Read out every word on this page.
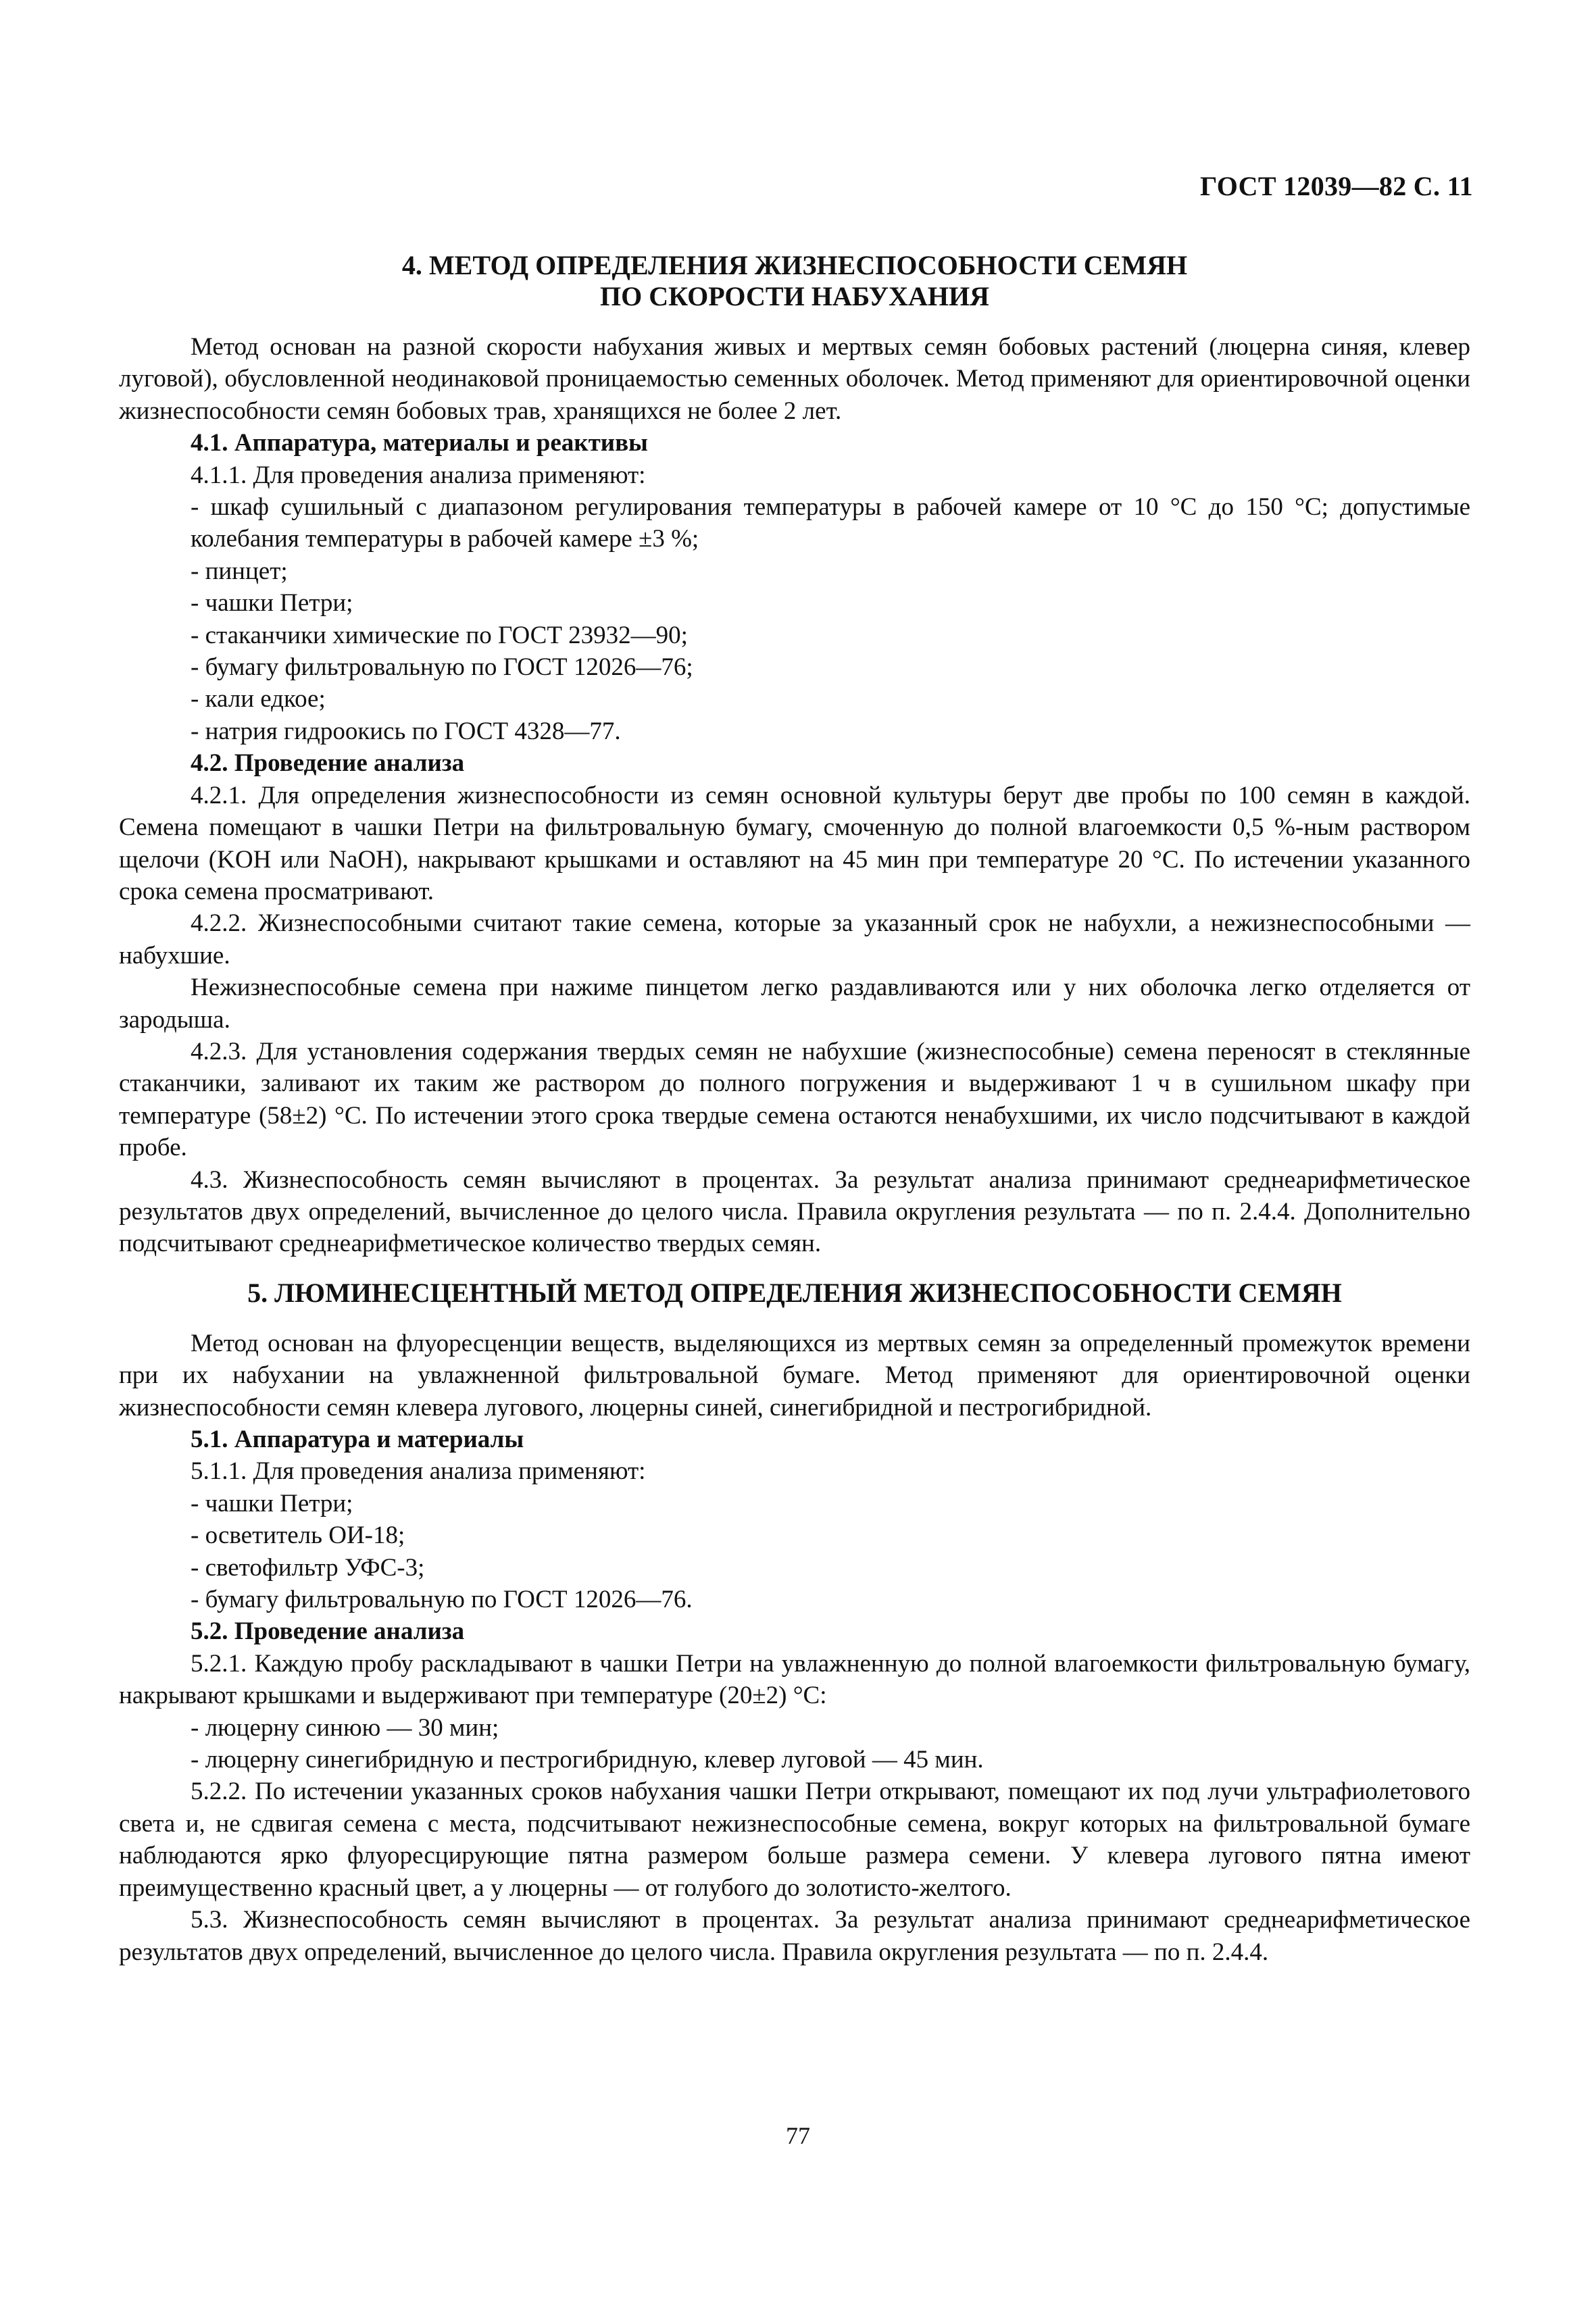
ГОСТ 12039—82 С. 11
4. МЕТОД ОПРЕДЕЛЕНИЯ ЖИЗНЕСПОСОБНОСТИ СЕМЯН
ПО СКОРОСТИ НАБУХАНИЯ

Метод основан на разной скорости набухания живых и мертвых семян бобовых растений (люцерна синяя, клевер луговой), обусловленной неодинаковой проницаемостью семенных оболочек. Метод применяют для ориентировочной оценки жизнеспособности семян бобовых трав, хранящихся не более 2 лет.

4.1. Аппаратура, материалы и реактивы

4.1.1. Для проведения анализа применяют:

- шкаф сушильный с диапазоном регулирования температуры в рабочей камере от 10 °С до 150 °С; допустимые колебания температуры в рабочей камере ±3 %;

- пинцет;

- чашки Петри;

- стаканчики химические по ГОСТ 23932—90;

- бумагу фильтровальную по ГОСТ 12026—76;

- кали едкое;

- натрия гидроокись по ГОСТ 4328—77.

4.2. Проведение анализа

4.2.1. Для определения жизнеспособности из семян основной культуры берут две пробы по 100 семян в каждой. Семена помещают в чашки Петри на фильтровальную бумагу, смоченную до полной влагоемкости 0,5 %-ным раствором щелочи (KOH или NaOH), накрывают крышками и оставляют на 45 мин при температуре 20 °С. По истечении указанного срока семена просматривают.

4.2.2. Жизнеспособными считают такие семена, которые за указанный срок не набухли, а нежизнеспособными — набухшие.

Нежизнеспособные семена при нажиме пинцетом легко раздавливаются или у них оболочка легко отделяется от зародыша.

4.2.3. Для установления содержания твердых семян не набухшие (жизнеспособные) семена переносят в стеклянные стаканчики, заливают их таким же раствором до полного погружения и выдерживают 1 ч в сушильном шкафу при температуре (58±2) °С. По истечении этого срока твердые семена остаются ненабухшими, их число подсчитывают в каждой пробе.

4.3. Жизнеспособность семян вычисляют в процентах. За результат анализа принимают среднеарифметическое результатов двух определений, вычисленное до целого числа. Правила округления результата — по п. 2.4.4. Дополнительно подсчитывают среднеарифметическое количество твердых семян.

5. ЛЮМИНЕСЦЕНТНЫЙ МЕТОД ОПРЕДЕЛЕНИЯ ЖИЗНЕСПОСОБНОСТИ СЕМЯН

Метод основан на флуоресценции веществ, выделяющихся из мертвых семян за определенный промежуток времени при их набухании на увлажненной фильтровальной бумаге. Метод применяют для ориентировочной оценки жизнеспособности семян клевера лугового, люцерны синей, синегибридной и пестрогибридной.

5.1. Аппаратура и материалы

5.1.1. Для проведения анализа применяют:

- чашки Петри;

- осветитель ОИ-18;

- светофильтр УФС-3;

- бумагу фильтровальную по ГОСТ 12026—76.

5.2. Проведение анализа

5.2.1. Каждую пробу раскладывают в чашки Петри на увлажненную до полной влагоемкости фильтровальную бумагу, накрывают крышками и выдерживают при температуре (20±2) °С:

- люцерну синюю — 30 мин;

- люцерну синегибридную и пестрогибридную, клевер луговой — 45 мин.

5.2.2. По истечении указанных сроков набухания чашки Петри открывают, помещают их под лучи ультрафиолетового света и, не сдвигая семена с места, подсчитывают нежизнеспособные семена, вокруг которых на фильтровальной бумаге наблюдаются ярко флуоресцирующие пятна размером больше размера семени. У клевера лугового пятна имеют преимущественно красный цвет, а у люцерны — от голубого до золотисто-желтого.

5.3. Жизнеспособность семян вычисляют в процентах. За результат анализа принимают среднеарифметическое результатов двух определений, вычисленное до целого числа. Правила округления результата — по п. 2.4.4.

77
